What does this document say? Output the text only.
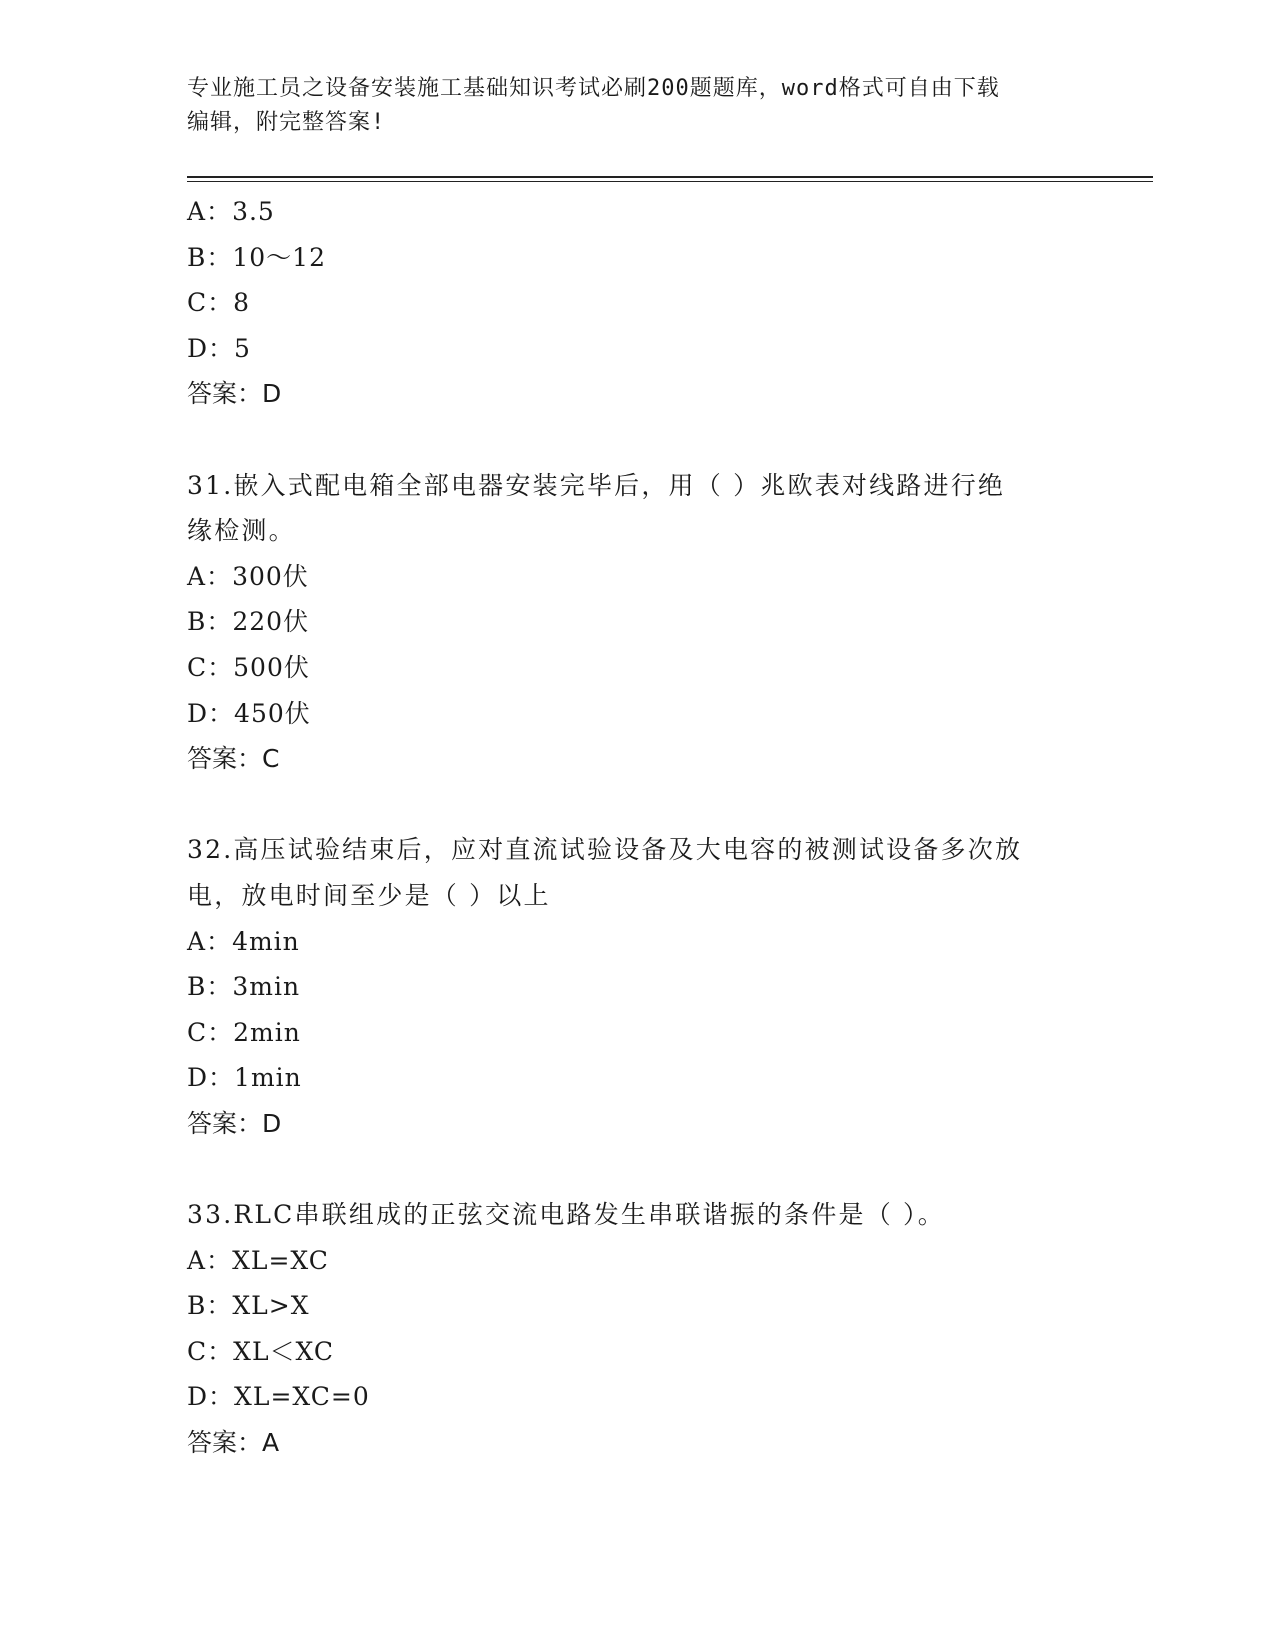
专业施工员之设备安装施工基础知识考试必刷200题题库，word格式可自由下载
编辑，附完整答案!
A：3.5
B：10～12
C：8
D：5
答案：D
31.嵌入式配电箱全部电器安装完毕后，用（ ）兆欧表对线路进行绝
缘检测。
A：300伏
B：220伏
C：500伏
D：450伏
答案：C
32.高压试验结束后，应对直流试验设备及大电容的被测试设备多次放
电，放电时间至少是（ ）以上
A：4min
B：3min
C：2min
D：1min
答案：D
33.RLC串联组成的正弦交流电路发生串联谐振的条件是（ ）。
A：XL=XC
B：XL>X
C：XL＜XC
D：XL=XC=0
答案：A
